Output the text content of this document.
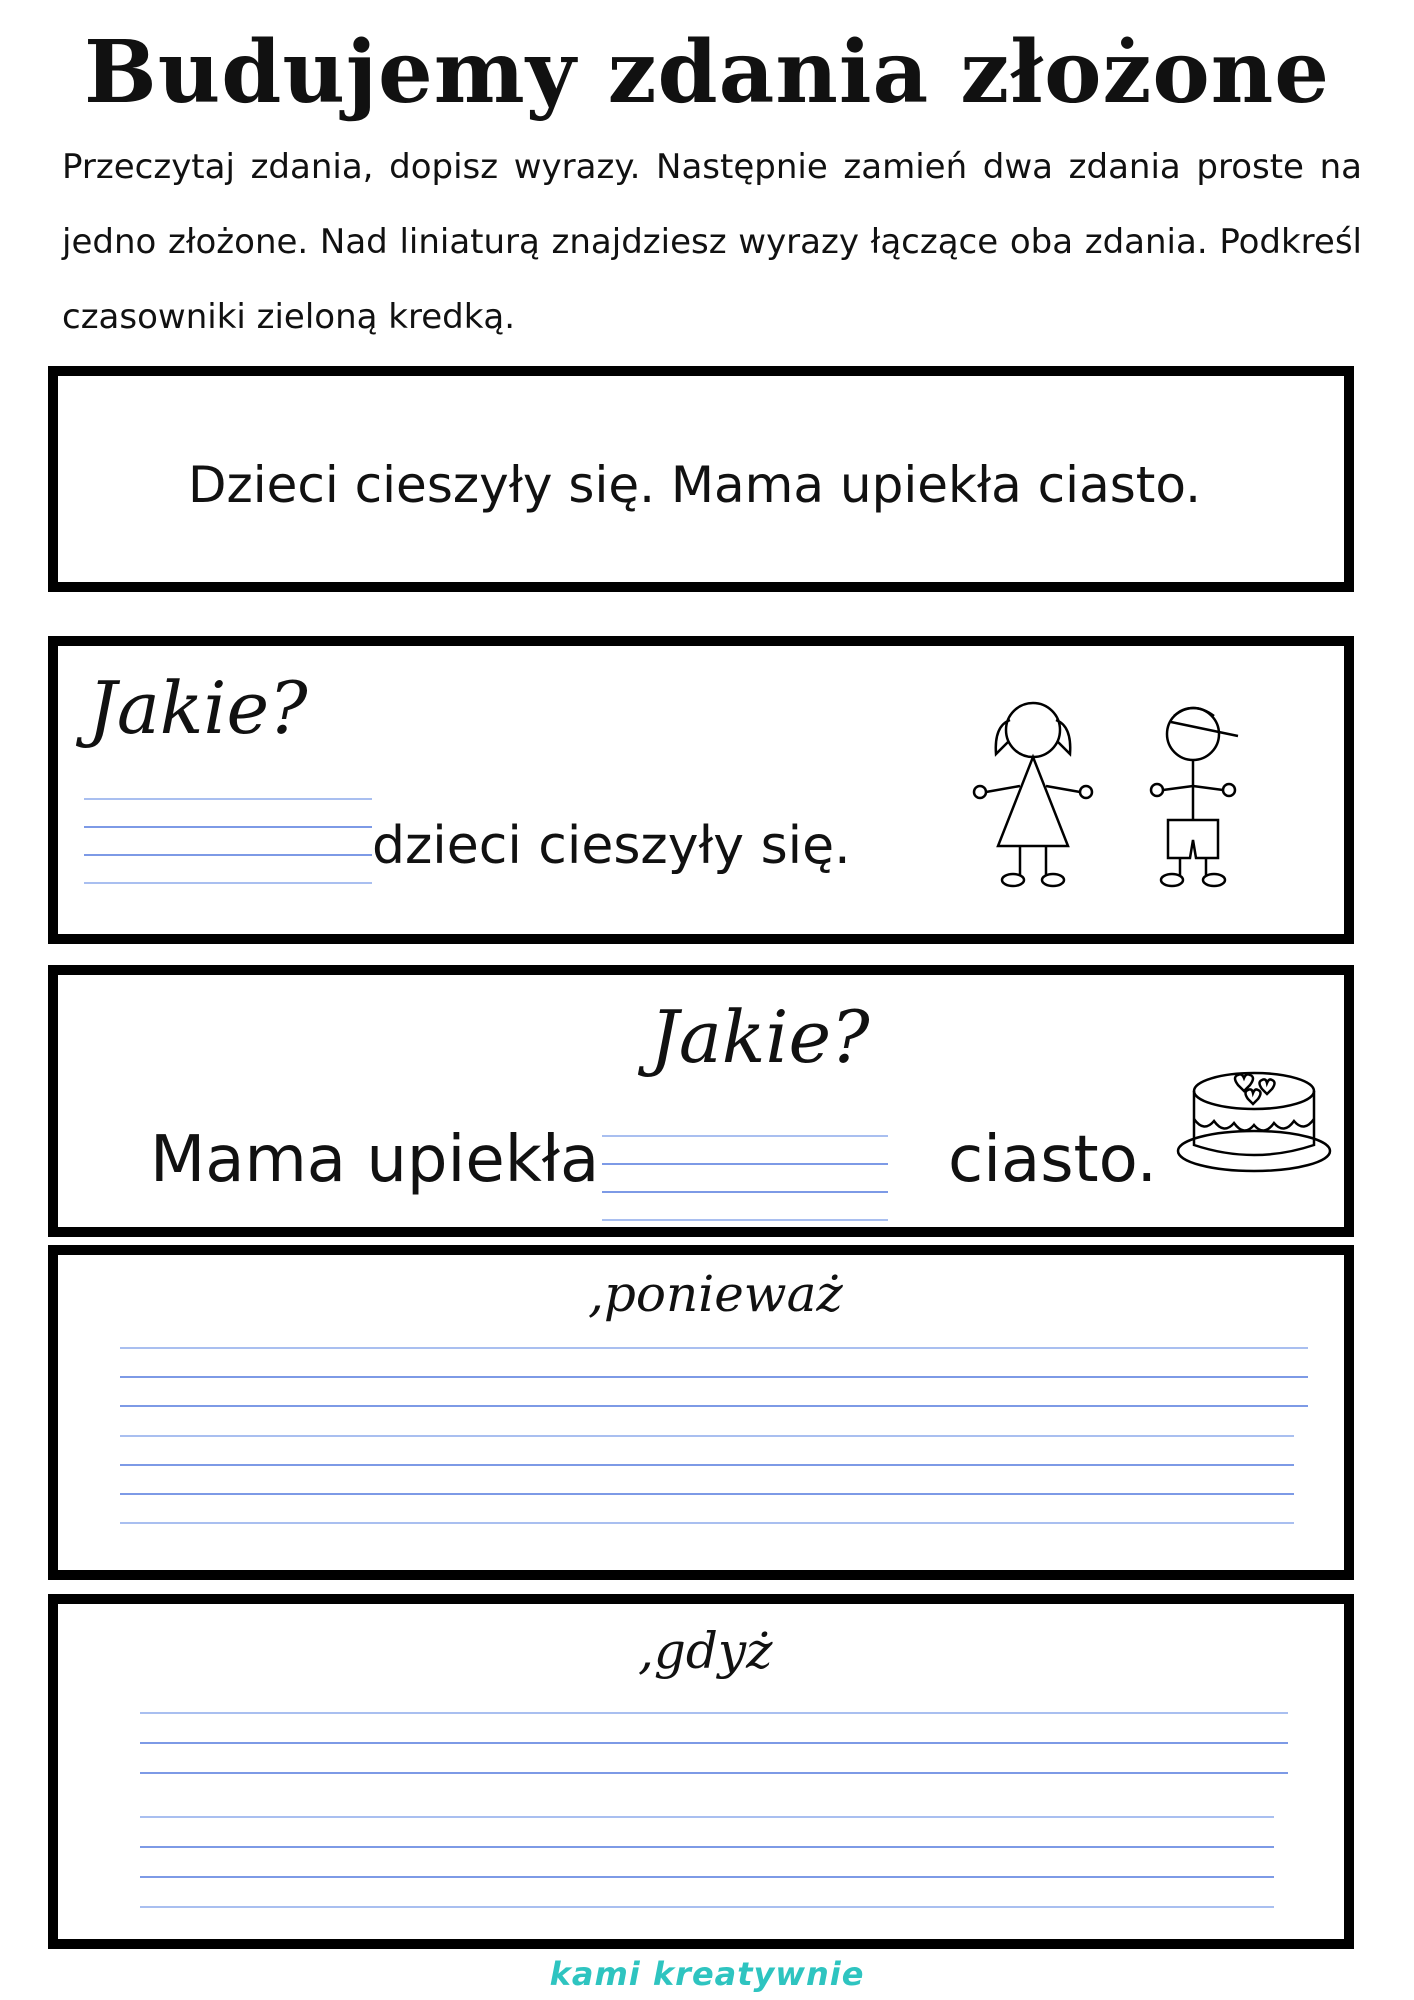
Budujemy zdania złożone

Przeczytaj zdania, dopisz wyrazy. Następnie zamień dwa zdania proste na jedno złożone. Nad liniaturą znajdziesz wyrazy łączące oba zdania. Podkreśl czasowniki zieloną kredką.

Dzieci cieszyły się. Mama upiekła ciasto.
Jakie?
dzieci cieszyły się.
Jakie?
Mama upiekła	ciasto.
,ponieważ
,gdyż
kami kreatywnie
